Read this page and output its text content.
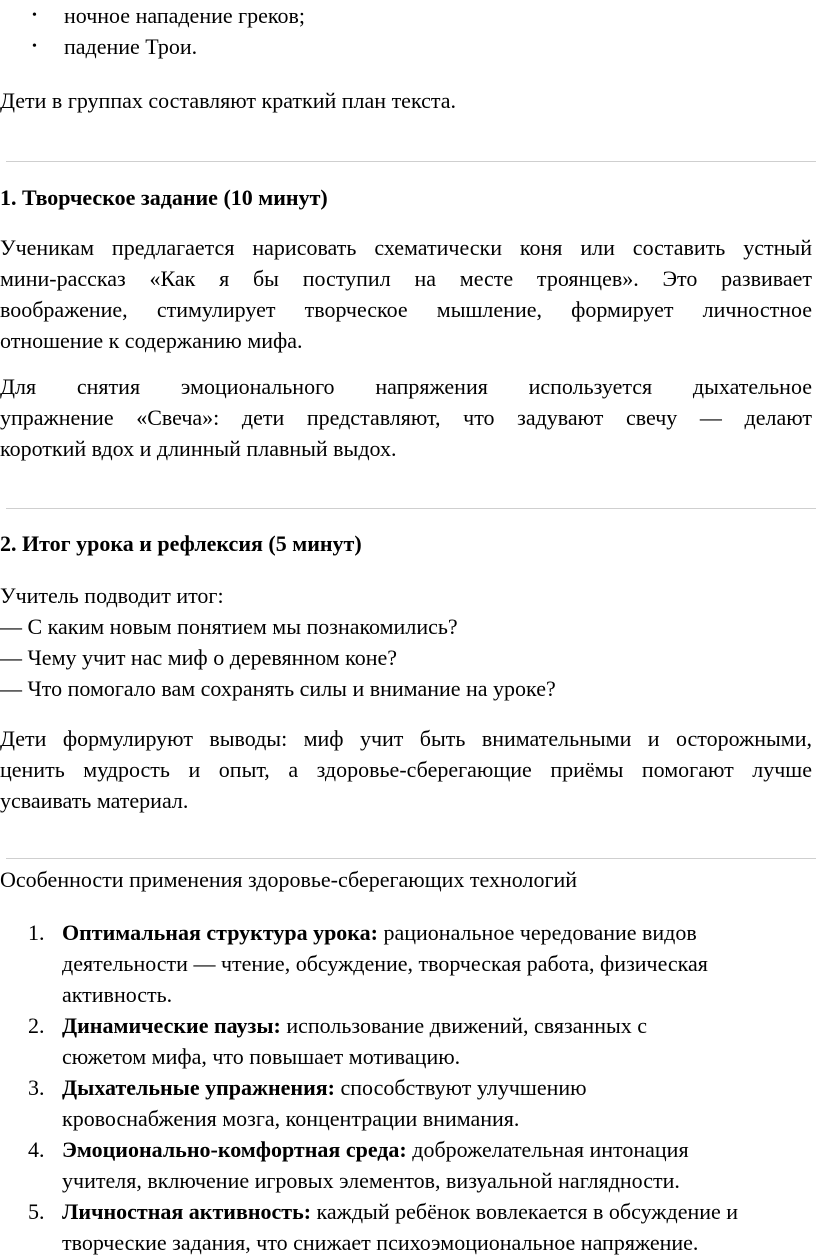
• ночное нападение греков;
• падение Трои.
Дети в группах составляют краткий план текста.
1. Творческое задание (10 минут)
2. Итог урока и рефлексия (5 минут)
Учитель подводит итог:
— С каким новым понятием мы познакомились?
— Чему учит нас миф о деревянном коне?
— Что помогало вам сохранять силы и внимание на уроке?
Особенности применения здоровье-сберегающих технологий
1. Оптимальная структура урока: рациональное чередование видов
деятельности — чтение, обсуждение, творческая работа, физическая
активность.
2. Динамические паузы: использование движений, связанных с
сюжетом мифа, что повышает мотивацию.
3. Дыхательные упражнения: способствуют улучшению
кровоснабжения мозга, концентрации внимания.
4. Эмоционально-комфортная среда: доброжелательная интонация
учителя, включение игровых элементов, визуальной наглядности.
5. Личностная активность: каждый ребёнок вовлекается в обсуждение и
творческие задания, что снижает психоэмоциональное напряжение.
Ученикам предлагается нарисовать схематически коня или составить устный
мини-рассказ «Как я бы поступил на месте троянцев». Это развивает
воображение, стимулирует творческое мышление, формирует личностное
отношение к содержанию мифа.
Для снятия эмоционального напряжения используется дыхательное
упражнение «Свеча»: дети представляют, что задувают свечу — делают
короткий вдох и длинный плавный выдох.
Дети формулируют выводы: миф учит быть внимательными и осторожными,
ценить мудрость и опыт, а здоровье-сберегающие приёмы помогают лучше
усваивать материал.
